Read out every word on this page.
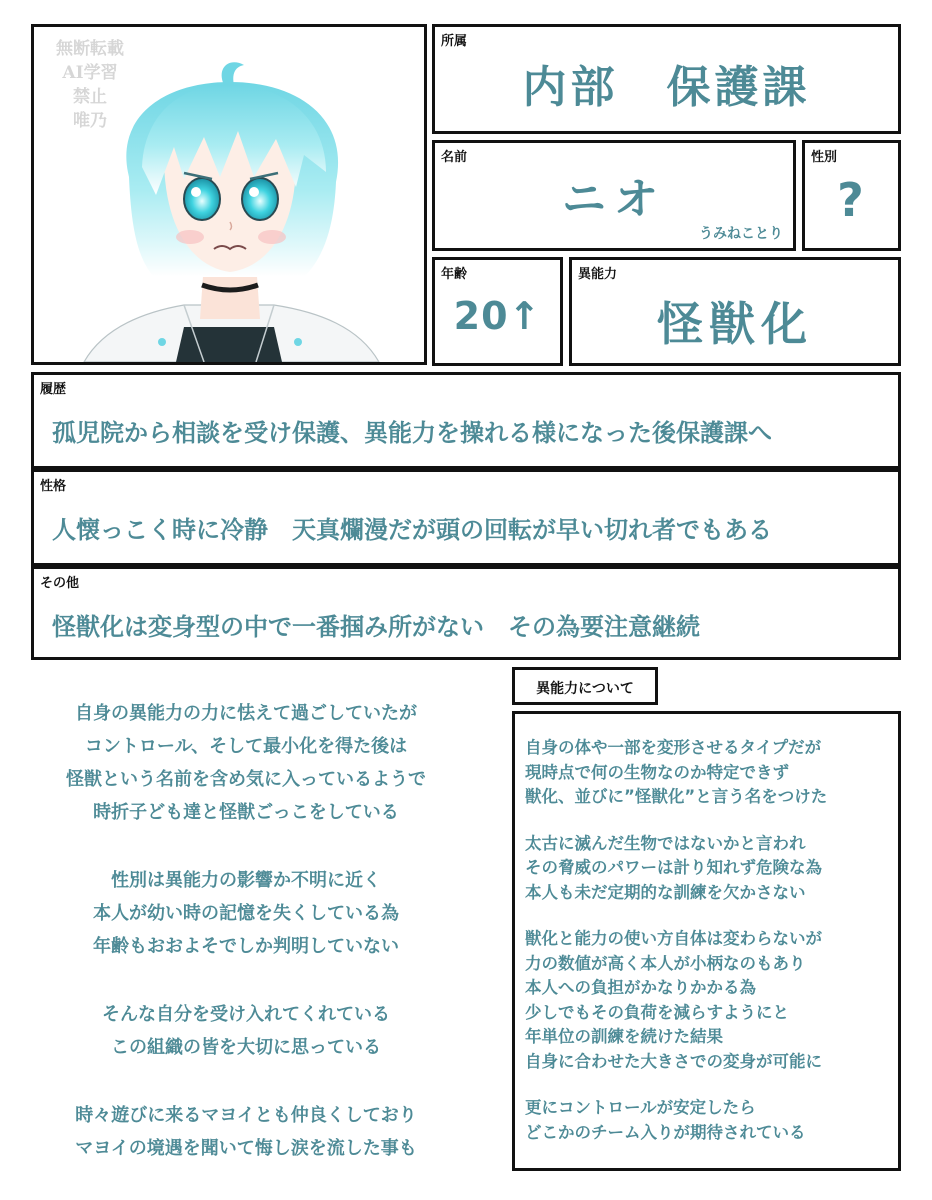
無断転載
AI学習
禁止
唯乃
所属
内部　保護課
名前
ニオ
うみねことり
性別
?
年齢
20↑
異能力
怪獣化
履歴
孤児院から相談を受け保護、異能力を操れる様になった後保護課へ
性格
人懐っこく時に冷静　天真爛漫だが頭の回転が早い切れ者でもある
その他
怪獣化は変身型の中で一番掴み所がない　その為要注意継続

自身の異能力の力に怯えて過ごしていたが
コントロール、そして最小化を得た後は
怪獣という名前を含め気に入っているようで
時折子ども達と怪獣ごっこをしている

性別は異能力の影響か不明に近く
本人が幼い時の記憶を失くしている為
年齢もおおよそでしか判明していない

そんな自分を受け入れてくれている
この組織の皆を大切に思っている

時々遊びに来るマヨイとも仲良くしており
マヨイの境遇を聞いて悔し涙を流した事も

異能力について

自身の体や一部を変形させるタイプだが
現時点で何の生物なのか特定できず
獣化、並びに”怪獣化”と言う名をつけた

太古に滅んだ生物ではないかと言われ
その脅威のパワーは計り知れず危険な為
本人も未だ定期的な訓練を欠かさない

獣化と能力の使い方自体は変わらないが
力の数値が高く本人が小柄なのもあり
本人への負担がかなりかかる為
少しでもその負荷を減らすようにと
年単位の訓練を続けた結果
自身に合わせた大きさでの変身が可能に

更にコントロールが安定したら
どこかのチーム入りが期待されている
